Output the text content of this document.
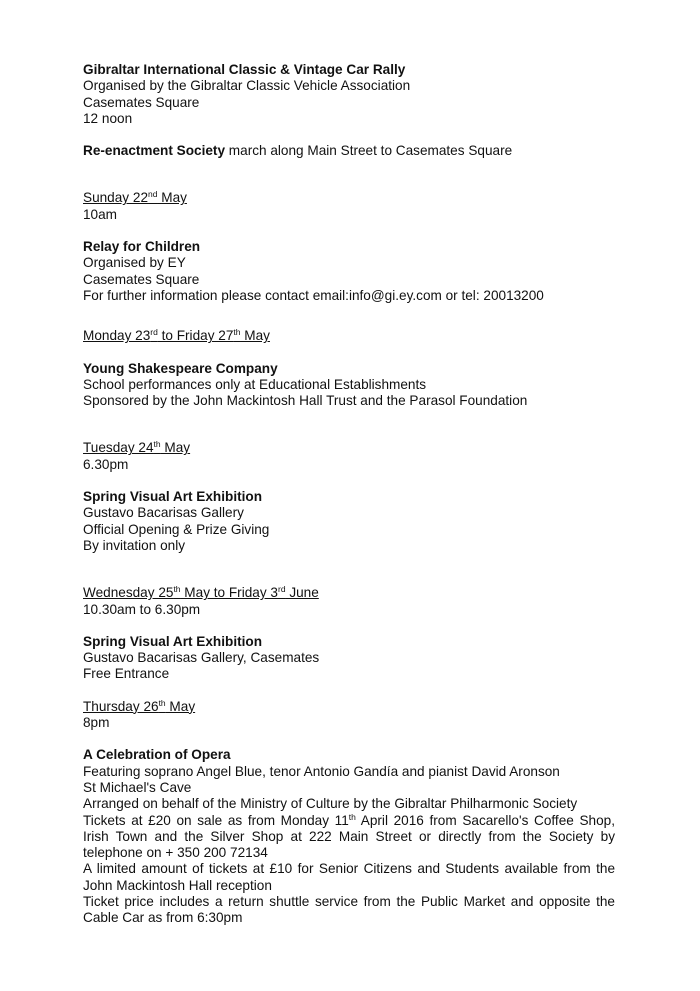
Gibraltar International Classic & Vintage Car Rally

Organised by the Gibraltar Classic Vehicle Association

Casemates Square

12 noon

Re-enactment Society march along Main Street to Casemates Square

Sunday 22nd May

10am

Relay for Children

Organised by EY

Casemates Square

For further information please contact email:info@gi.ey.com or tel: 20013200

Monday 23rd to Friday 27th May

Young Shakespeare Company

School performances only at Educational Establishments

Sponsored by the John Mackintosh Hall Trust and the Parasol Foundation

Tuesday 24th May

6.30pm

Spring Visual Art Exhibition

Gustavo Bacarisas Gallery

Official Opening & Prize Giving

By invitation only

Wednesday 25th May to Friday 3rd June

10.30am to 6.30pm

Spring Visual Art Exhibition

Gustavo Bacarisas Gallery, Casemates

Free Entrance

Thursday 26th May

8pm

A Celebration of Opera

Featuring soprano Angel Blue, tenor Antonio Gandía and pianist David Aronson

St Michael's Cave

Arranged on behalf of the Ministry of Culture by the Gibraltar Philharmonic Society

Tickets at £20 on sale as from Monday 11th April 2016 from Sacarello's Coffee Shop, Irish Town and the Silver Shop at 222 Main Street or directly from the Society by telephone on + 350 200 72134

A limited amount of tickets at £10 for Senior Citizens and Students available from the John Mackintosh Hall reception

Ticket price includes a return shuttle service from the Public Market and opposite the Cable Car as from 6:30pm
